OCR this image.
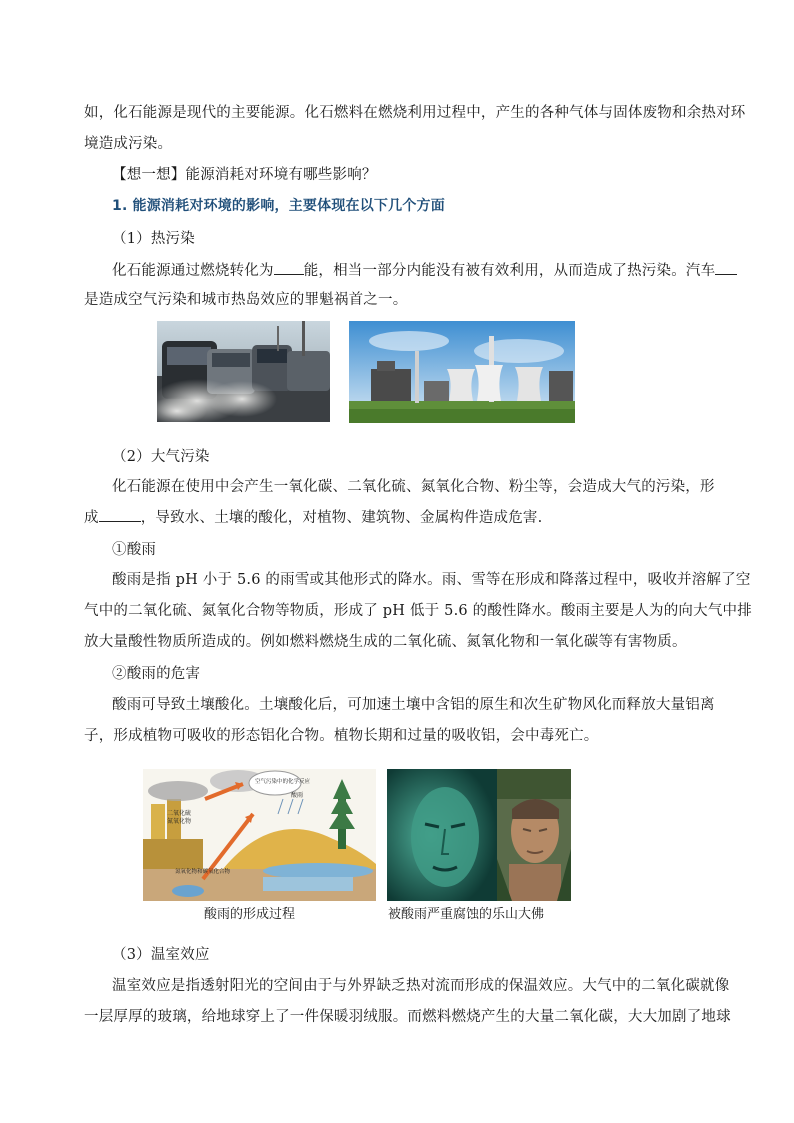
如，化石能源是现代的主要能源。化石燃料在燃烧利用过程中，产生的各种气体与固体废物和余热对环
境造成污染。
【想一想】能源消耗对环境有哪些影响？
1. 能源消耗对环境的影响，主要体现在以下几个方面
（1）热污染
化石能源通过燃烧转化为 能，相当一部分内能没有被有效利用，从而造成了热污染。汽车
是造成空气污染和城市热岛效应的罪魁祸首之一。
（2）大气污染
化石能源在使用中会产生一氧化碳、二氧化硫、氮氧化合物、粉尘等，会造成大气的污染，形
成	，导致水、土壤的酸化，对植物、建筑物、金属构件造成危害.
①酸雨
酸雨是指 pH 小于 5.6 的雨雪或其他形式的降水。雨、雪等在形成和降落过程中，吸收并溶解了空
气中的二氧化硫、氮氧化合物等物质，形成了 pH 低于 5.6 的酸性降水。酸雨主要是人为的向大气中排
放大量酸性物质所造成的。例如燃料燃烧生成的二氧化硫、氮氧化物和一氧化碳等有害物质。
②酸雨的危害
酸雨可导致土壤酸化。土壤酸化后，可加速土壤中含铝的原生和次生矿物风化而释放大量铝离
子，形成植物可吸收的形态铝化合物。植物长期和过量的吸收铝，会中毒死亡。
二氧化硫
氮氧化物
空气污染中的化学反应
酸雨
氮氧化物和碳氧化合物
酸雨的形成过程	被酸雨严重腐蚀的乐山大佛
（3）温室效应
温室效应是指透射阳光的空间由于与外界缺乏热对流而形成的保温效应。大气中的二氧化碳就像
一层厚厚的玻璃，给地球穿上了一件保暖羽绒服。而燃料燃烧产生的大量二氧化碳，大大加剧了地球
